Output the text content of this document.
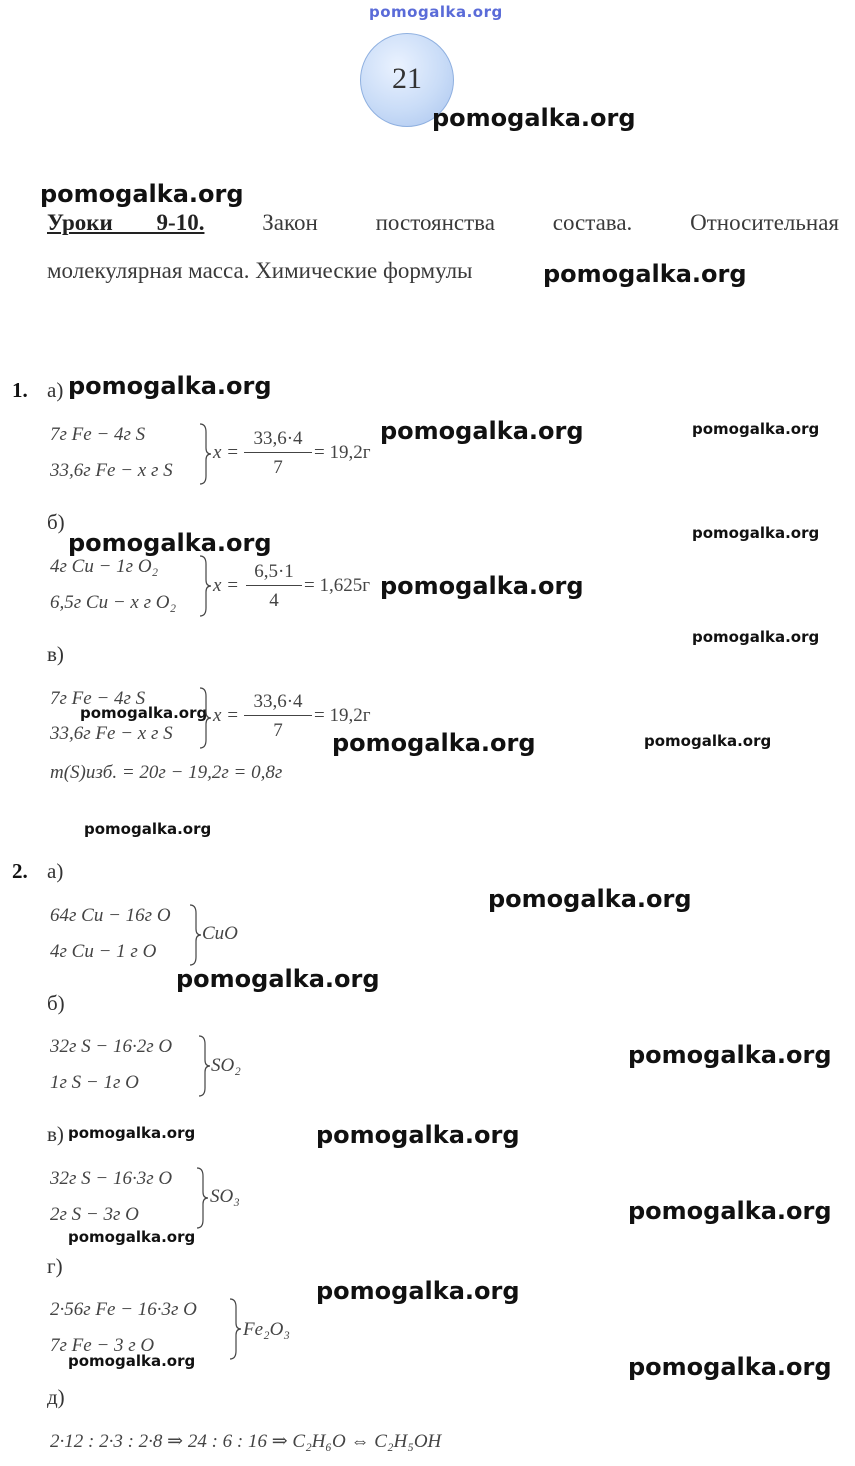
pomogalka.org
21
pomogalka.org
pomogalka.org
Уроки 9-10.	Закон	постоянства	состава.	Относительная
молекулярная масса. Химические формулы	pomogalka.org
1. а) pomogalka.org
7г Fe − 4г S
33,6г Fe − x г S
$x = \frac{33,6\cdot 4}{7} = 19,2г$
pomogalka.org	pomogalka.org
б)	pomogalka.org
pomogalka.org
4г Cu − 1г O₂
6,5г Cu − x г O₂
$x = \frac{6,5\cdot 1}{4} = 1,625г$ pomogalka.org
pomogalka.org
в)
7г Fe − 4г S
33,6г Fe − x г S
pomogalka.org $x = \frac{33,6\cdot 4}{7} = 19,2г$
pomogalka.org	pomogalka.org
m(S)изб. = 20г − 19,2г = 0,8г
pomogalka.org
2. а)
pomogalka.org
64г Cu − 16г O
4г Cu − 1 г O
CuO
pomogalka.org
б)
32г S − 16·2г O
1г S − 1г O
SO₂	pomogalka.org
в) pomogalka.org	pomogalka.org
32г S − 16·3г O
2г S − 3г O
SO₃
pomogalka.org
pomogalka.org
г)
pomogalka.org
2·56г Fe − 16·3г O
7г Fe − 3 г O
Fe₂O₃
pomogalka.org	pomogalka.org
д)
2·12 : 2·3 : 2·8 ⇒ 24 : 6 : 16 ⇒ C₂H₆O ⇔ C₂H₅OH
